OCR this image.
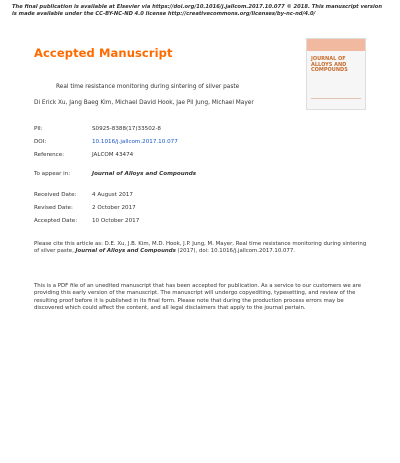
The final publication is available at Elsevier via https://doi.org/10.1016/j.jallcom.2017.10.077 © 2018. This manuscript version is made available under the CC-BY-NC-ND 4.0 license http://creativecommons.org/licenses/by-nc-nd/4.0/
Accepted Manuscript	JOURNAL OF ALLOYS AND COMPOUNDS
Real time resistance monitoring during sintering of silver paste
Di Erick Xu, Jang Baeg Kim, Michael David Hook, Jae Pil Jung, Michael Mayer
PII:	S0925-8388(17)33502-8
DOI:	10.1016/j.jallcom.2017.10.077
Reference:	JALCOM 43474
To appear in:	Journal of Alloys and Compounds
Received Date:	4 August 2017
Revised Date:	2 October 2017
Accepted Date:	10 October 2017
Please cite this article as: D.E. Xu, J.B. Kim, M.D. Hook, J.P. Jung, M. Mayer, Real time resistance monitoring during sintering of silver paste, Journal of Alloys and Compounds (2017), doi: 10.1016/j.jallcom.2017.10.077.
This is a PDF file of an unedited manuscript that has been accepted for publication. As a service to our customers we are providing this early version of the manuscript. The manuscript will undergo copyediting, typesetting, and review of the resulting proof before it is published in its final form. Please note that during the production process errors may be discovered which could affect the content, and all legal disclaimers that apply to the journal pertain.
